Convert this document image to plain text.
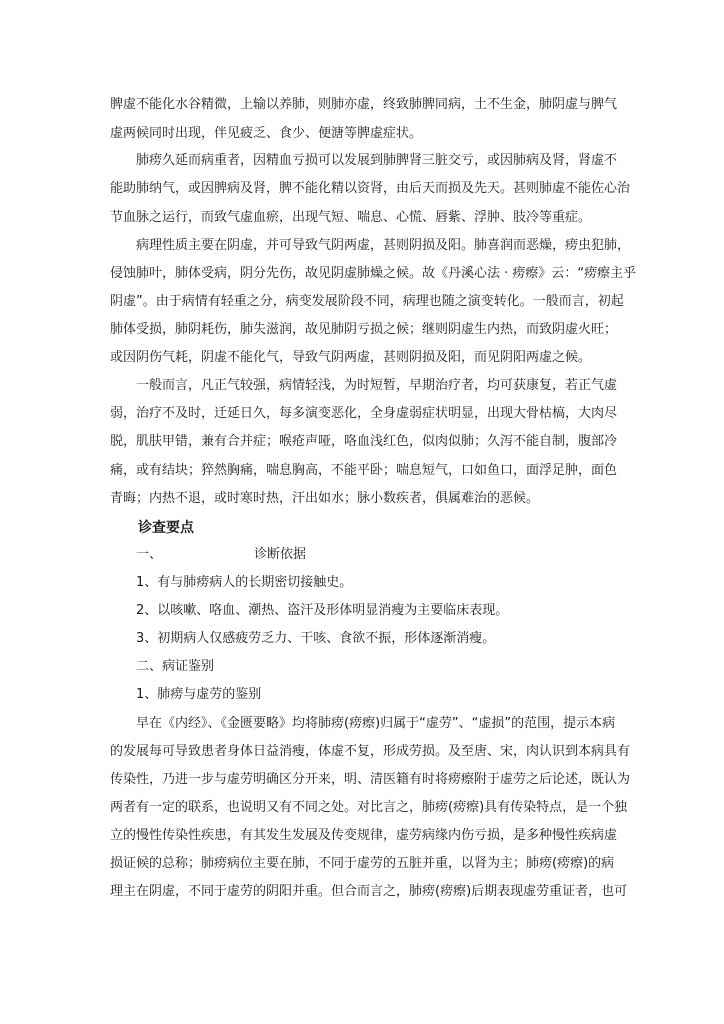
脾虚不能化水谷精微，上输以养肺，则肺亦虚，终致肺脾同病，土不生金，肺阴虚与脾气
虚两候同时出现，伴见疲乏、食少、便溏等脾虚症状。
肺痨久延而病重者，因精血亏损可以发展到肺脾肾三脏交亏，或因肺病及肾，肾虚不
能助肺纳气，或因脾病及肾，脾不能化精以资肾，由后天而损及先天。甚则肺虚不能佐心治
节血脉之运行，而致气虚血瘀，出现气短、喘息、心慌、唇紫、浮肿、肢冷等重症。
病理性质主要在阴虚，并可导致气阴两虚，甚则阴损及阳。肺喜润而恶燥，痨虫犯肺，
侵蚀肺叶，肺体受病，阴分先伤，故见阴虚肺燥之候。故《丹溪心法 · 痨瘵》云：“痨瘵主乎
阴虚”。由于病情有轻重之分，病变发展阶段不同，病理也随之演变转化。一般而言，初起
肺体受损，肺阴耗伤，肺失滋润，故见肺阴亏损之候；继则阴虚生内热，而致阴虚火旺；
或因阴伤气耗，阴虚不能化气，导致气阴两虚，甚则阴损及阳，而见阴阳两虚之候。
一般而言，凡正气较强，病情轻浅，为时短暂，早期治疗者，均可获康复，若正气虚
弱，治疗不及时，迁延日久，每多演变恶化，全身虚弱症状明显，出现大骨枯槁，大肉尽
脱，肌肤甲错，兼有合并症；喉疮声哑，咯血浅红色，似肉似肺；久泻不能自制，腹部冷
痛，或有结块；猝然胸痛，喘息胸高，不能平卧；喘息短气，口如鱼口，面浮足肿，面色
青晦；内热不退，或时寒时热，汗出如水；脉小数疾者，俱属难治的恶候。
诊查要点
一、	诊断依据
1、有与肺痨病人的长期密切接触史。
2、以咳嗽、咯血、潮热、盗汗及形体明显消瘦为主要临床表现。
3、初期病人仅感疲劳乏力、干咳、食欲不振，形体逐渐消瘦。
二、病证鉴别
1、肺痨与虚劳的鉴别
早在《内经》、《金匮要略》均将肺痨(痨瘵)归属于“虚劳”、“虚损”的范围，提示本病
的发展每可导致患者身体日益消瘦，体虚不复，形成劳损。及至唐、宋，肉认识到本病具有
传染性，乃进一步与虚劳明确区分开来，明、清医籍有时将痨瘵附于虚劳之后论述，既认为
两者有一定的联系，也说明又有不同之处。对比言之，肺痨(痨瘵)具有传染特点，是一个独
立的慢性传染性疾患，有其发生发展及传变规律，虚劳病缘内伤亏损，是多种慢性疾病虚
损证候的总称；肺痨病位主要在肺，不同于虚劳的五脏并重，以肾为主；肺痨(痨瘵)的病
理主在阴虚，不同于虚劳的阴阳并重。但合而言之，肺痨(痨瘵)后期表现虚劳重证者，也可
